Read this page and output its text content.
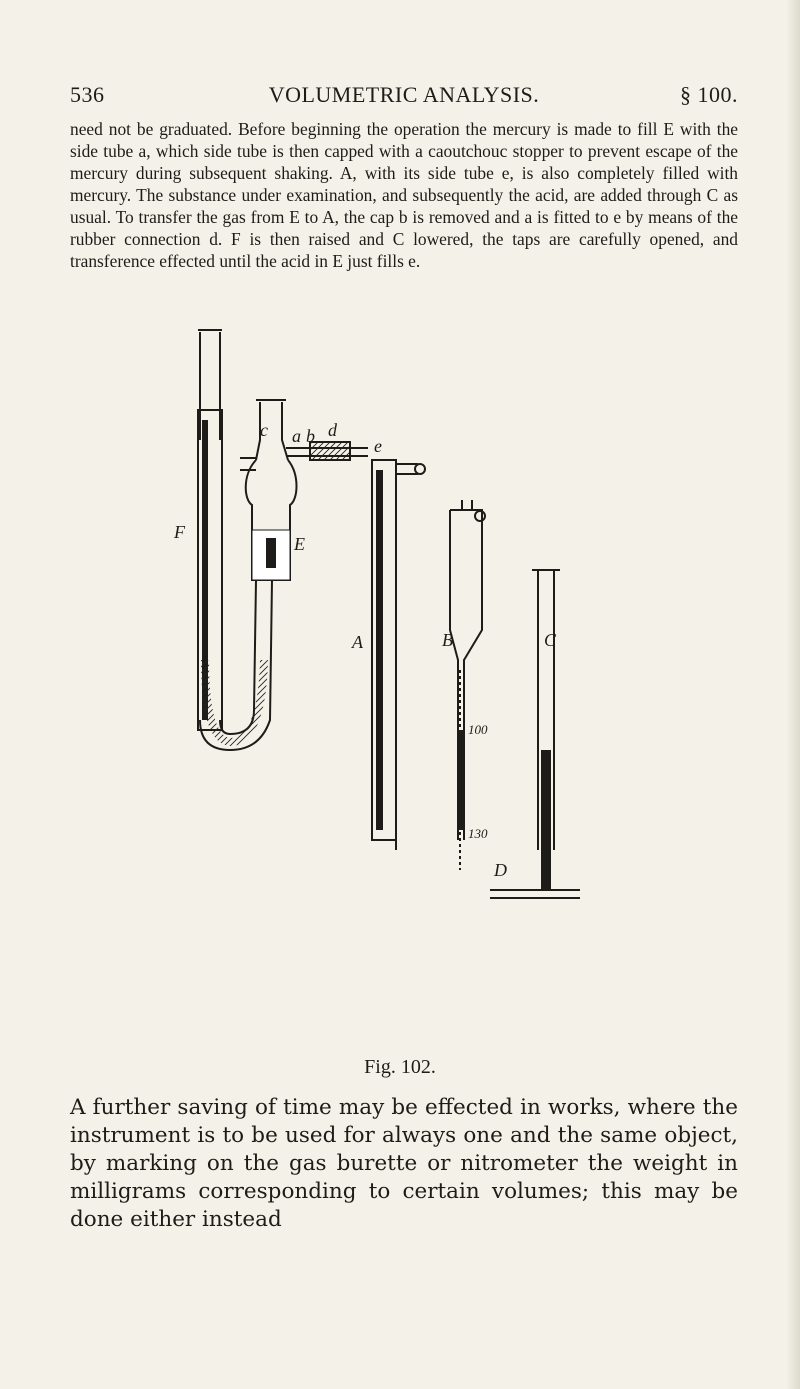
536	VOLUMETRIC ANALYSIS.	§ 100.
need not be graduated. Before beginning the operation the mercury is made to fill E with the side tube a, which side tube is then capped with a caoutchouc stopper to prevent escape of the mercury during subsequent shaking. A, with its side tube e, is also completely filled with mercury. The substance under examination, and subsequently the acid, are added through C as usual. To transfer the gas from E to A, the cap b is removed and a is fitted to e by means of the rubber connection d. F is then raised and C lowered, the taps are carefully opened, and transference effected until the acid in E just fills e.
c a b d
e
F
E
A	B	C
D
100
130
Fig. 102.
A further saving of time may be effected in works, where the instrument is to be used for always one and the same object, by marking on the gas burette or nitrometer the weight in milligrams corresponding to certain volumes; this may be done either instead
